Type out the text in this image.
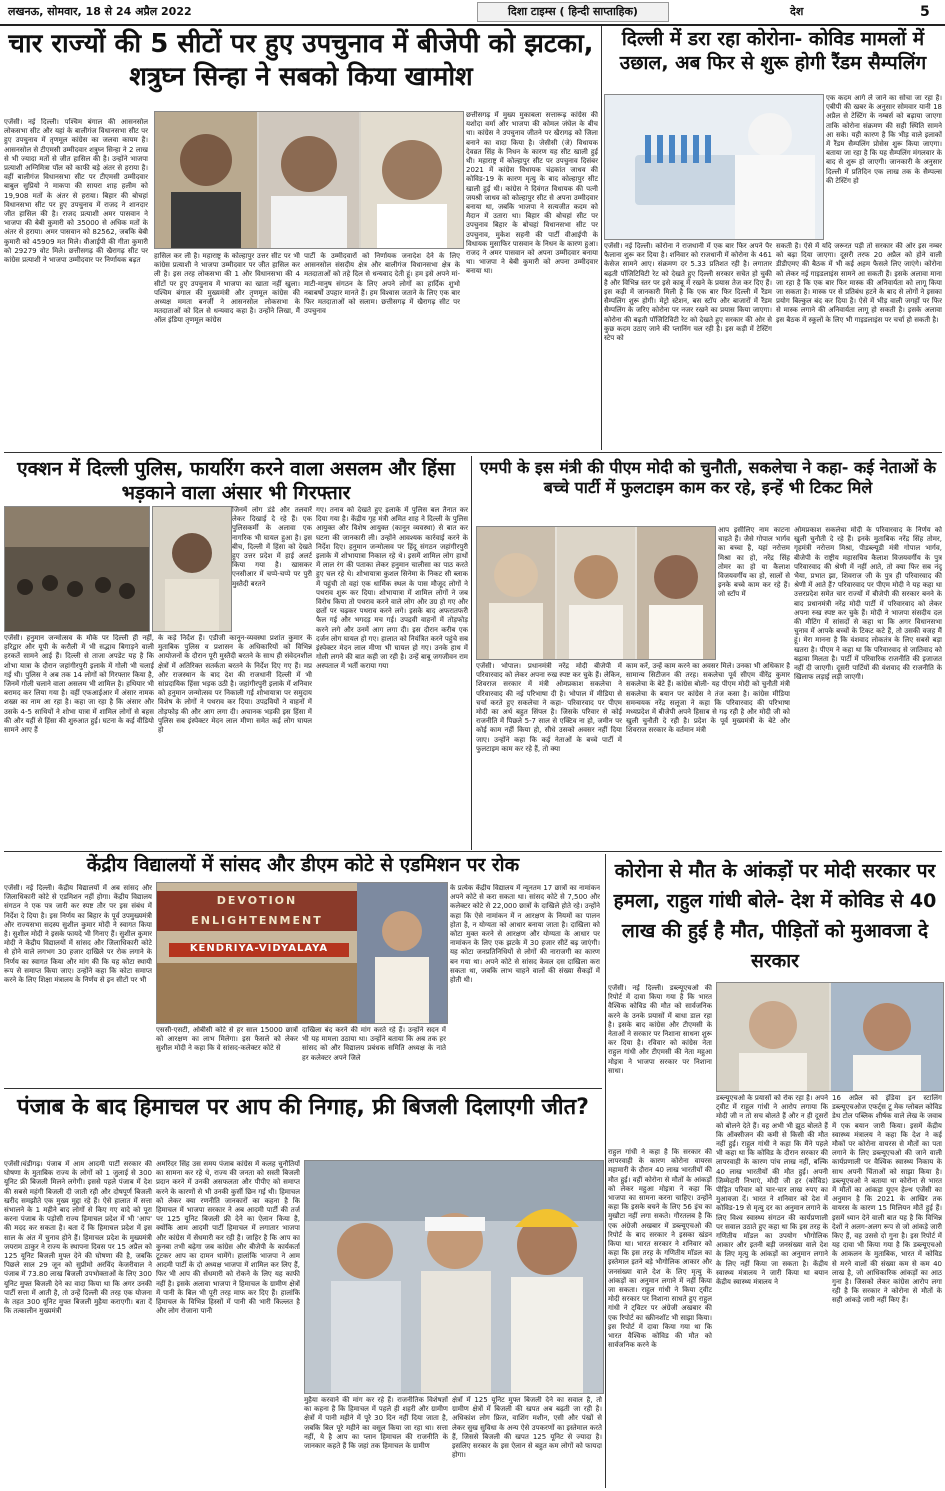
लखनऊ, सोमवार, 18 से 24 अप्रैल 2022	दिशा टाइम्स ( हिन्दी साप्ताहिक)	देश	5
चार राज्यों की 5 सीटों पर हुए उपचुनाव में बीजेपी को झटका, शत्रुघ्न सिन्हा ने सबको किया खामोश
एजेंसी। नई दिल्ली। पश्चिम बंगाल की आसनसोल लोकसभा सीट और यहां के बालीगंज विधानसभा सीट पर हुए उपचुनाव में तृणमूल कांग्रेस का जलवा कायम है। आसनसोल से टीएमसी उम्मीदवार शत्रुघ्न सिन्हा ने 2 लाख से भी ज्यादा मतों से जीत हासिल की है। उन्होंने भाजपा प्रत्याशी अग्निमित्रा पॉल को काफी बड़े अंतर से हराया है। वहीं बालीगंज विधानसभा सीट पर टीएमसी उम्मीदवार बाबुल सुप्रियो ने माकपा की सायरा शाह हलीम को 19,908 मतों के अंतर से हराया। बिहार की बोचहां विधानसभा सीट पर हुए उपचुनाव में राजद ने शानदार जीत हासिल की है। राजद प्रत्याशी अमर पासवान ने भाजपा की बेबी कुमारी को 35000 से अधिक मतों के अंतर से हराया। अमर पासवान को 82562, जबकि बेबी कुमारी को 45909 मत मिले। वीआईपी की गीता कुमारी को 29279 वोट मिले। छत्तीसगढ़ की खैरागढ़ सीट पर कांग्रेस प्रत्याशी ने भाजपा उम्मीदवार पर निर्णायक बढ़त
हासिल कर ली है। महाराष्ट्र के कोल्हापुर उत्तर सीट पर भी कांग्रेस प्रत्याशी ने भाजपा उम्मीदवार पर जीत हासिल कर ली है। इस तरह लोकसभा की 1 और विधानसभा की 4 सीटों पर हुए उपचुनाव में भाजपा का खाता नहीं खुला। पश्चिम बंगाल की मुख्यमंत्री और तृणमूल कांग्रेस की अध्यक्ष ममता बनर्जी ने आसनसोल लोकसभा के मतदाताओं को दिल से धन्यवाद कहा है। उन्होंने लिखा, मैं ऑल इंडिया तृणमूल कांग्रेस
पार्टी के उम्मीदवारों को निर्णायक जनादेश देने के लिए आसनसोल संसदीय क्षेत्र और बालीगंज विधानसभा क्षेत्र के मतदाताओं को तहे दिल से धन्यवाद देती हूं। हम इसे अपने मां-माटी-मानुष संगठन के लिए अपने लोगों का हार्दिक शुभो नबाबर्षो उपहार मानते हैं। हम विश्वास जताने के लिए एक बार फिर मतदाताओं को सलाम। छत्तीसगढ़ में खैरागढ़ सीट पर उपचुनाव
छत्तीसगढ़ में मुख्य मुकाबला सत्तारूढ़ कांग्रेस की यशोदा वर्मा और भाजपा की कोमल जंघेल के बीच था। कांग्रेस ने उपचुनाव जीतने पर खैरागढ़ को जिला बनाने का वादा किया है। जेसीसी (जे) विधायक देवव्रत सिंह के निधन के कारण यह सीट खाली हुई थी। महाराष्ट्र में कोल्हापुर सीट पर उपचुनाव दिसंबर 2021 में कांग्रेस विधायक चंद्रकांत जाधव की कोविड-19 के कारण मृत्यु के बाद कोल्हापुर सीट खाली हुई थी। कांग्रेस ने दिवंगत विधायक की पत्नी जयश्री जाधव को कोल्हापुर सीट से अपना उम्मीदवार बनाया था, जबकि भाजपा ने सत्यजीत कदम को मैदान में उतारा था। बिहार की बोचहां सीट पर उपचुनाव बिहार के बोचहां विधानसभा सीट पर उपचुनाव, मुकेश सहनी की पार्टी वीआईपी के विधायक मुसाफिर पासवान के निधन के कारण हुआ। राजद ने अमर पासवान को अपना उम्मीदवार बनाया था। भाजपा ने बेबी कुमारी को अपना उम्मीदवार बनाया था।
दिल्ली में डरा रहा कोरोना- कोविड मामलों में उछाल, अब फिर से शुरू होगी रैंडम सैम्पलिंग
एक कदम आगे ले जाने का सोचा जा रहा है। एबीपी की खबर के अनुसार सोमवार यानी 18 अप्रैल से टेस्टिंग के नम्बर्स को बढ़ाया जाएगा ताकि कोरोना संक्रमण की सही स्थिति सामने आ सके। यही कारण है कि भीड़ वाले इलाकों में रैंडम सैम्पलिंग प्रोसेस शुरू किया जाएगा। बताया जा रहा है कि यह सैम्पलिंग मंगलवार के बाद से शुरू हो जाएगी। जानकारी के अनुसार दिल्ली में प्रतिदिन एक लाख तक के सैम्पल्स की टेस्टिंग हो
एजेंसी। नई दिल्ली। कोरोना ने राजधानी में एक बार फिर अपने पैर फैलाना शुरू कर दिया है। शनिवार को राजधानी में कोरोना के 461 केसेज सामने आए। संक्रमण दर 5.33 प्रतिशत रही है। लगातार बढ़ती पॉजिटिविटी रेट को देखते हुए दिल्ली सरकार सचेत हो चुकी है और विभिन्न स्तर पर इसे काबू में रखने के प्रयास तेज कर दिए हैं। इस कड़ी में जानकारी मिली है कि एक बार फिर दिल्ली में रैंडम सैम्पलिंग शुरू होगी। मेट्रो स्टेशन, बस स्टॉप और बाजारों में रैंडम सैम्पलिंग के जरिए कोरोना पर नजर रखने का प्रयास किया जाएगा। कोरोना की बढ़ती पॉजिटिविटी रेट को देखते हुए सरकार की ओर से कुछ कदम उठाए जाने की प्लानिंग चल रही है। इस कड़ी में टेस्टिंग स्टेप को
सकती है। ऐसे में यदि जरूरत पड़ी तो सरकार की ओर इस नम्बर को बढ़ा दिया जाएगा। दूसरी तरफ 20 अप्रैल को होने वाली डीडीएमए की बैठक में भी कई अहम फैसले लिए जाएंगे। कोरोना को लेकर नई गाइडलाइंस सामने आ सकती हैं। इसके अलावा माना जा रहा है कि एक बार फिर मास्क की अनिवार्यता को लागू किया जा सकता है। मास्क पर से प्रतिबंध हटने के बाद से लोगों ने इसका प्रयोग बिल्कुल बंद कर दिया है। ऐसे में भीड़ वाली जगहों पर फिर से मास्क लगाने की अनिवार्यता लागू हो सकती है। इसके अलावा इस बैठक में स्कूलों के लिए भी गाइडलाइंस पर चर्चा हो सकती है।
एक्शन में दिल्ली पुलिस, फायरिंग करने वाला असलम और हिंसा भड़काने वाला अंसार भी गिरफ्तार
जिनमें लोग डंडे और तलवारें लेकर दिखाई दे रहे हैं। एक पुलिसकर्मी के अलावा एक नागरिक भी घायल हुआ है। इस बीच, दिल्ली में हिंसा को देखते हुए उत्तर प्रदेश में हाई अलर्ट किया गया है। खासकर एनसीआर में चप्पे-चप्पे पर पुरी मुस्तैदी बरतने
एजेंसी। हनुमान जन्मोत्सव के मौके पर दिल्ली ही नहीं, हरिद्वार और यूपी के करौली में भी सद्भाव बिगाड़ने वाली हरकतें सामने आई हैं। दिल्ली से ताजा अपडेट यह है कि शोभा यात्रा के दौरान जहांगीरपुरी इलाके में गोली भी चलाई गई थी। पुलिस ने अब तक 14 लोगों को गिरफ्तार किया है, जिनमें गोली चलाने वाला असलम भी शामिल है। हथियार भी बरामद कर लिया गया है। वहीं एफआईआर में अंसार नामक शख्स का नाम आ रहा है। कहा जा रहा है कि अंसार और उसके 4-5 साथियों ने शोभा यात्रा में शामिल लोगों से बहस की और यहीं से हिंसा की शुरुआत हुई। घटना के कई वीडियो सामने आए हैं
के कड़े निर्देश हैं। एडीजी कानून-व्यवस्था प्रशांत कुमार के मुताबिक पुलिस व प्रशासन के अधिकारियों को विभिन्न आयोजनों के दौरान पूरी मुस्तैदी बरतने के साथ ही संवेदनशील क्षेत्रों में अतिरिक्त सतर्कता बरतने के निर्देश दिए गए हैं। मप्र और राजस्थान के बाद देश की राजधानी दिल्ली में भी सांप्रदायिक हिंसा भड़क उठी है। जहांगीरपुरी इलाके में शनिवार को हनुमान जन्मोत्सव पर निकाली गई शोभायात्रा पर समुदाय विशेष के लोगों ने पथराव कर दिया। उपद्रवियों ने वाहनों में तोड़फोड़ की और आग लगा दी। अचानक भड़की इस हिंसा में पुलिस सब इंस्पेक्टर मेदन लाल मीणा समेत कई लोग घायल हो
गए। तनाव को देखते हुए इलाके में पुलिस बल तैनात कर दिया गया है। केंद्रीय गृह मंत्री अमित शाह ने दिल्ली के पुलिस आयुक्त और विशेष आयुक्त (कानून व्यवस्था) से बात कर घटना की जानकारी ली। उन्होंने आवश्यक कार्रवाई करने के निर्देश दिए। हनुमान जन्मोत्सव पर हिंदू संगठन जहांगीरपुरी इलाके में शोभायात्रा निकाल रहे थे। इसमें शामिल लोग हाथों में लाल रंग की पताका लेकर हनुमान चालीसा का पाठ करते हुए चल रहे थे। शोभायात्रा कुशल सिनेमा के निकट सी ब्लाक में पहुंची तो वहां एक धार्मिक स्थल के पास मौजूद लोगों ने पथराव शुरू कर दिया। शोभायात्रा में शामिल लोगों ने जब विरोध किया तो पथराव करने वाले लोग और उग्र हो गए और छतों पर चढ़कर पथराव करने लगे। इसके बाद अफरातफरी फैल गई और भगदड़ मच गई। उपद्रवी वाहनों में तोड़फोड़ करने लगे और उनमें आग लगा दी। इस दौरान करीब एक दर्जन लोग घायल हो गए। हालात को नियंत्रित करने पहुंचे सब इंस्पेक्टर मेदन लाल मीणा भी घायल हो गए। उनके हाथ में गोली लगने की बात कही जा रही है। उन्हें बाबू जगजीवन राम अस्पताल में भर्ती कराया गया
एमपी के इस मंत्री की पीएम मोदी को चुनौती, सकलेचा ने कहा- कई नेताओं के बच्चे पार्टी में फुलटाइम काम कर रहे, इन्हें भी टिकट मिले
आप इसीलिए नाम काटना चाहते हैं। जैसे गोपाल भार्गव का बच्चा है, यहां नरोत्तम मिश्रा का हो, नरेंद्र सिंह तोमर का हो या कैलाश विजयवर्गीय का हो, सालों से इनके बच्चे काम कर रहे हैं। जो स्टॉप में
एजेंसी। भोपाल। प्रधानमंत्री नरेंद्र मोदी बीजेपी में परिवारवाद को लेकर अपना रुख स्पष्ट कर चुके हैं। लेकिन, शिवराज सरकार में मंत्री ओमप्रकाश सकलेचा ने परिवारवाद की नई परिभाषा दी है। भोपाल में मीडिया से चर्चा करते हुए सकलेचा ने कहा- परिवारवाद पर पीएम मोदी का अर्थ बहुत सिंपल है। जिसके परिवार से कोई राजनीति में पिछले 5-7 साल से एक्टिव ना हो, जमीन पर कोई काम नहीं किया हो, सीधे उसको अवसर नहीं दिया जाए। उन्होंने कहा कि कई नेताओं के बच्चे पार्टी में फुलटाइम काम कर रहे हैं, तो क्या
काम करें, उन्हें काम करने का अवसर मिले। उनका भी अधिकार है सामान्य सिटीजन की तरह। सकलेचा पूर्व सीएम वीरेंद्र कुमार सकलेचा के बेटे हैं। कांग्रेस बोली- यह पीएम मोदी को चुनौती मंत्री सकलेचा के बयान पर कांग्रेस ने तंज कसा है। कांग्रेस मीडिया समन्वयक नरेंद्र सलूजा ने कहा कि परिवारवाद की परिभाषा मध्यप्रदेश में बीजेपी अपने हिसाब से गढ़ रही है और मोदी जी को खुली चुनौती दे रही है। प्रदेश के पूर्व मुख्यमंत्री के बेटे और शिवराज सरकार के वर्तमान मंत्री
ओमप्रकाश सकलेचा मोदी के परिवारवाद के निर्णय को खुली चुनौती दे रहे हैं। इनके मुताबिक नरेंद्र सिंह तोमर, गृहमंत्री नरोत्तम मिश्रा, पीडब्ल्यूडी मंत्री गोपाल भार्गव, बीजेपी के राष्ट्रीय महासचिव कैलाश विजयवर्गीय के पुत्र परिवारवाद की श्रेणी में नहीं आते, तो क्या फिर सब नंदू भैया, प्रभात झा, शिवराज जी के पुत्र ही परिवारवाद की श्रेणी में आते हैं? परिवारवाद पर पीएम मोदी ने यह कहा था उत्तरप्रदेश समेत चार राज्यों में बीजेपी की सरकार बनने के बाद प्रधानमंत्री नरेंद्र मोदी पार्टी में परिवारवाद को लेकर अपना रुख स्पष्ट कर चुके हैं। मोदी ने भाजपा संसदीय दल की मीटिंग में सांसदों से कहा था कि अगर विधानसभा चुनाव में आपके बच्चों के टिकट कटे हैं, तो उसकी वजह मैं हूं। मेरा मानना है कि वंशवाद लोकतंत्र के लिए सबसे बड़ा खतरा है। पीएम ने कहा था कि परिवारवाद से जातिवाद को बढ़ावा मिलता है। पार्टी में परिवारिक राजनीति की इजाजत नहीं दी जाएगी। दूसरी पार्टियों की वंशवाद की राजनीति के खिलाफ लड़ाई लड़ी जाएगी।
केंद्रीय विद्यालयों में सांसद और डीएम कोटे से एडमिशन पर रोक
एजेंसी। नई दिल्ली। केंद्रीय विद्यालयों में अब सांसद और जिलाधिकारी कोटे से एडमिशन नहीं होगा। केंद्रीय विद्यालय संगठन ने एक पत्र जारी कर स्पष्ट तौर पर इस संबंध में निर्देश दे दिया है। इस निर्णय का बिहार के पूर्व उपमुख्यमंत्री और राज्यसभा सदस्य सुशील कुमार मोदी ने स्वागत किया है। सुशील मोदी ने इसके फायदे भी गिनाए हैं। सुशील कुमार मोदी ने केंद्रीय विद्यालयों में सांसद और जिलाधिकारी कोटे से होने वाले लगभग 30 हजार दाखिले पर रोक लगाने के निर्णय का स्वागत किया और मांग की कि यह कोटा स्थायी रूप से समाप्त किया जाए। उन्होंने कहा कि कोटा समाप्त करने के लिए शिक्षा मंत्रालय के निर्णय से इन सीटों पर भी
DEVOTION ENLIGHTENMENT
KENDRIYA-VIDYALAYA
एससी-एसटी, ओबीसी कोटे से हर साल 15000 छात्रों को आरक्षण का लाभ मिलेगा। इस फैसले को लेकर सुशील मोदी ने कहा कि वे सांसद-कलेक्टर कोटे से
दाखिला बंद करने की मांग करते रहे हैं। उन्होंने सदन में भी यह मामला उठाया था। उन्होंने बताया कि अब तक हर सांसद को और विद्यालय प्रबंधक समिति अध्यक्ष के नाते हर कलेक्टर अपने जिले
के प्रत्येक केंद्रीय विद्यालय में न्यूनतम 17 छात्रों का नामांकन अपने कोटे से करा सकता था। सांसद कोटे से 7,500 और कलेक्टर कोटे से 22,000 छात्रों के दाखिले होते रहे। उन्होंने कहा कि ऐसे नामांकन में न आरक्षण के नियमों का पालन होता है, न योग्यता को आधार बनाया जाता है। दाखिला को कोटा मुक्त करने से आरक्षण और योग्यता के आधार पर नामांकन के लिए एक झटके में 30 हजार सीटें बढ़ जाएंगी। यह कोटा जनप्रतिनिधियों से लोगों की नाराजगी का कारण बन गया था। अपने कोटे से सांसद केवल दस दाखिला करा सकता था, जबकि लाभ चाहने वालों की संख्या सैकड़ों में होती थी।
कोरोना से मौत के आंकड़ों पर मोदी सरकार पर हमला, राहुल गांधी बोले- देश में कोविड से 40 लाख की हुई है मौत, पीड़ितों को मुआवजा दे सरकार
एजेंसी। नई दिल्ली। डब्ल्यूएचओ की रिपोर्ट में दावा किया गया है कि भारत वैश्विक कोविड की मौत को सार्वजनिक करने के उनके प्रयासों में बाधा डाल रहा है। इसके बाद कांग्रेस और टीएमसी के नेताओं ने सरकार पर निशाना साधना शुरू कर दिया है। रविवार को कांग्रेस नेता राहुल गांधी और टीएमसी की नेता महुआ मोइत्रा ने भाजपा सरकार पर निशाना साधा।
राहुल गांधी ने कहा है कि सरकार की लापरवाही के कारण कोरोना वायरस महामारी के दौरान 40 लाख भारतीयों की मौत हुई। वहीं कोरोना से मौतों के आंकड़ों को लेकर महुआ मोइत्रा ने कहा कि भाजपा का सामना करना चाहिए। उन्होंने कहा कि इसके बचने के लिए 56 इंच का मुखौटा नहीं लगा सकते। गौरतलब है कि एक अंग्रेजी अखबार में डब्ल्यूएचओ की रिपोर्ट के बाद सरकार ने इसका खंडन किया था। भारत सरकार ने शनिवार को कहा कि इस तरह के गणितीय मॉडल का इस्तेमाल इतने बड़े भौगोलिक आकार और जनसंख्या वाले देश के लिए मृत्यु के आंकड़ों का अनुमान लगाने में नहीं किया जा सकता। राहुल गांधी ने किया ट्वीट मोदी सरकार पर निशाना साधते हुए राहुल गांधी ने ट्विटर पर अंग्रेजी अखबार की एक रिपोर्ट का स्क्रीनशॉट भी साझा किया। इस रिपोर्ट में दावा किया गया था कि भारत वैश्विक कोविड की मौत को सार्वजनिक करने के
डब्ल्यूएचओ के प्रयासों को रोक रहा है। अपने ट्वीट में राहुल गांधी ने आरोप लगाया कि मोदी जी न तो सच बोलते हैं और न ही दूसरों को बोलने देते हैं। वह अभी भी झूठ बोलते हैं कि ऑक्सीजन की कमी से किसी की मौत नहीं हुई। राहुल गांधी ने कहा कि मैंने पहले भी कहा था कि कोविड के दौरान सरकार की लापरवाही के कारण पांच लाख नहीं, बल्कि 40 लाख भारतीयों की मौत हुई। अपनी जिम्मेदारी निभाएं, मोदी जी हर (कोविड) पीड़ित परिवार को चार-चार लाख रुपए का मुआवजा दें। भारत ने शनिवार को देश में कोविड-19 से मृत्यु दर का अनुमान लगाने के लिए विश्व स्वास्थ्य संगठन की कार्यप्रणाली पर सवाल उठाते हुए कहा था कि इस तरह के गणितीय मॉडल का उपयोग भौगोलिक आकार और इतनी बड़ी जनसंख्या वाले देश के लिए मृत्यु के आंकड़ों का अनुमान लगाने के लिए नहीं किया जा सकता है। केंद्रीय स्वास्थ्य मंत्रालय ने जारी किया था बयान केंद्रीय स्वास्थ्य मंत्रालय ने
16 अप्रैल को इंडिया इन स्टालिंग डब्ल्यूएचओज एफर्ट्स टू मेक ग्लोबल कोविड डेथ टोल पब्लिक शीर्षक वाले लेख के जवाब में एक बयान जारी किया। इसमें केंद्रीय स्वास्थ्य मंत्रालय ने कहा कि देश ने कई मौकों पर कोरोना वायरस से मौतों का पता लगाने के लिए डब्ल्यूएचओ की जाने वाली कार्यप्रणाली पर वैश्विक स्वास्थ्य निकाय के साथ अपनी चिंताओं को साझा किया है। डब्ल्यूएचओ ने बताया था कोरोना से भारत में मौतों का आंकड़ा यूएन हेल्थ एजेंसी का अनुमान है कि 2021 के आखिर तक वायरस के कारण 15 मिलियन मौतें हुई हैं। इसमें ध्यान देने वाली बात यह है कि विभिन्न देशों ने अलग-अलग रूप से जो आंकड़े जारी किए हैं, वह उससे दो गुना है। इस रिपोर्ट में यह दावा भी किया गया है कि डब्ल्यूएचओ के आकलन के मुताबिक, भारत में कोविड से मरने वालों की संख्या कम से कम 40 लाख है, जो आधिकारिक आंकड़ों का आठ गुना है। जिसको लेकर कांग्रेस आरोप लगा रही है कि सरकार ने कोरोना से मौतों के सही आंकड़े जारी नहीं किए हैं।
पंजाब के बाद हिमाचल पर आप की निगाह, फ्री बिजली दिलाएगी जीत?
एजेंसी।चंडीगढ़। पंजाब में आम आदमी पार्टी सरकार की घोषणा के मुताबिक राज्य के लोगों को 1 जुलाई से 300 यूनिट फ्री बिजली मिलने लगेगी। इससे पहले पंजाब में देश की सबसे महंगी बिजली दी जाती रही और दोषपूर्ण बिजली खरीद समझौते एक मुख्य मुद्दा रहे हैं। ऐसे हालात में सत्ता संभालने के 1 महीने बाद लोगों से किए गए वादे को पूरा करना पंजाब के पड़ोसी राज्य हिमाचल प्रदेश में भी 'आप' की मदद कर सकता है। बता दें कि हिमाचल प्रदेश में इस साल के अंत में चुनाव होने हैं। हिमाचल प्रदेश के मुख्यमंत्री जयराम ठाकुर ने राज्य के स्थापना दिवस पर 15 अप्रैल को 125 यूनिट बिजली मुफ्त देने की घोषणा की है, जबकि पिछले साल 29 जून को सुप्रीमो अरविंद केजरीवाल ने पंजाब में 73.80 लाख बिजली उपभोक्ताओं के लिए 300 यूनिट मुफ्त बिजली देने का वादा किया था कि अगर उनकी पार्टी सत्ता में आती है, तो उन्हें दिल्ली की तरह एक योजना के तहत 300 यूनिट मुफ्त बिजली मुहैया कराएगी। बता दें कि तत्कालीन मुख्यमंत्री
अमरिंदर सिंह उस समय पंजाब कांग्रेस में कलह चुनौतियों का सामना कर रहे थे, राज्य की जनता को सस्ती बिजली प्रदान करने में उनकी असफलता और पीपीए को समाप्त करने के कारणों से भी उनकी कुर्सी छिन गई थी। हिमाचल को लेकर क्या रणनीति जानकारों का कहना है कि हिमाचल में भाजपा सरकार ने अब आदमी पार्टी की तर्ज पर 125 यूनिट बिजली फ्री देने का ऐलान किया है, क्योंकि आम आदमी पार्टी हिमाचल में लगातार भाजपा और कांग्रेस में सेंधमारी कर रही है। जाहिर है कि आप का कुनबा तभी बढ़ेगा जब कांग्रेस और बीजेपी के कार्यकर्ता टूटकर आप का दामन थामेंगे। हालांकि भाजपा ने आम आदमी पार्टी के दो अध्यक्ष भाजपा में शामिल कर लिए हैं, फिर भी आप की सेंधमारी को रोकने के लिए यह काफी नहीं है। इसके अलावा भाजपा ने हिमाचल के ग्रामीण क्षेत्रों में पानी के बिल भी पूरी तरह माफ कर दिए हैं। हालांकि हिमाचल के विभिन्न हिस्सों में पानी की भारी किल्लत है और लोग रोजाना पानी
मुहैया करवाने की मांग कर रहे हैं। राजनीतिक विशेषज्ञों का कहना है कि हिमाचल में पहले ही शहरी और ग्रामीण क्षेत्रों में पानी महीने में पूरे 30 दिन नहीं दिया जाता है, जबकि बिल पूरे महीने का वसूल किया जा रहा था। सत्ता नहीं, ये है आप का प्लान हिमाचल की राजनीति के जानकार कहते हैं कि जहां तक हिमाचल के ग्रामीण
क्षेत्रों में 125 यूनिट मुफ्त बिजली देने का सवाल है, तो ग्रामीण क्षेत्रों में बिजली की खपत अब बढ़ती जा रही है। अधिकांश लोग फ्रिज, वाशिंग मशीन, एसी और पंखों से लेकर सुख सुविधा के अन्य ऐसे उपकरणों का इस्तेमाल करते हैं, जिससे बिजली की खपत 125 यूनिट से ज्यादा है। इसलिए सरकार के इस ऐलान से बहुत कम लोगों को फायदा होगा।
